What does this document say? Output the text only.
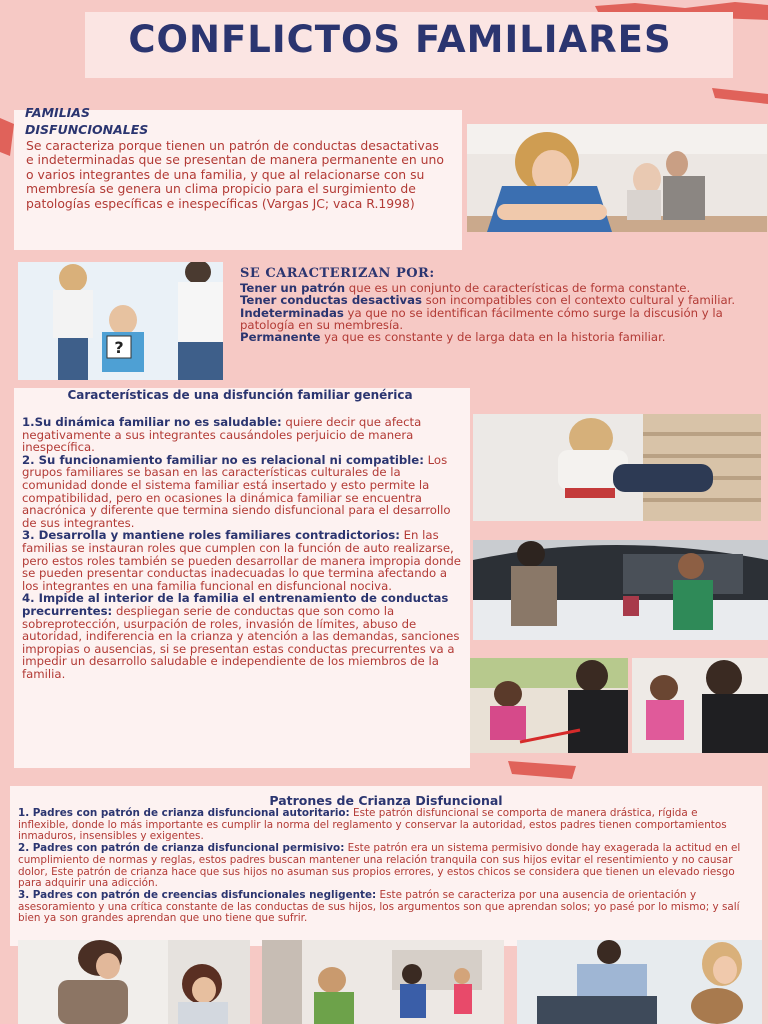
CONFLICTOS FAMILIARES
FAMILIAS DISFUNCIONALES
Se caracteriza porque tienen un patrón de conductas desactativas e indeterminadas que se presentan de manera permanente en uno o varios integrantes de una familia, y que al relacionarse con su membresía se genera un clima propicio para el surgimiento de patologías específicas e inespecíficas (Vargas JC; vaca R.1998)
?
SE CARACTERIZAN POR:
Tener un patrón que es un conjunto de características de forma constante.
Tener conductas desactivas son incompatibles con el contexto cultural y familiar.
Indeterminadas ya que no se identifican fácilmente cómo surge la discusión y la patología en su membresía.
Permanente ya que es constante y de larga data en la historia familiar.
Características de una disfunción familiar genérica
1.Su dinámica familiar no es saludable: quiere decir que afecta negativamente a sus integrantes causándoles perjuicio de manera inespecífica.
2. Su funcionamiento familiar no es relacional ni compatible: Los grupos familiares se basan en las características culturales de la comunidad donde el sistema familiar está insertado y esto permite la compatibilidad, pero en ocasiones la dinámica familiar se encuentra anacrónica y diferente que termina siendo disfuncional para el desarrollo de sus integrantes.
3. Desarrolla y mantiene roles familiares contradictorios: En las familias se instauran roles que cumplen con la función de auto realizarse, pero estos roles también se pueden desarrollar de manera impropia donde se pueden presentar conductas inadecuadas lo que termina afectando a los integrantes en una familia funcional en disfuncional nociva.
4. Impide al interior de la familia el entrenamiento de conductas precurrentes: despliegan serie de conductas que son como la sobreprotección, usurpación de roles, invasión de límites, abuso de autoridad, indiferencia en la crianza y atención a las demandas, sanciones impropias o ausencias, si se presentan estas conductas precurrentes va a impedir un desarrollo saludable e independiente de los miembros de la familia.
Patrones de Crianza Disfuncional
1. Padres con patrón de crianza disfuncional autoritario: Este patrón disfuncional se comporta de manera drástica, rígida e inflexible, donde lo más importante es cumplir la norma del reglamento y conservar la autoridad, estos padres tienen comportamientos inmaduros, insensibles y exigentes.
2. Padres con patrón de crianza disfuncional permisivo: Este patrón era un sistema permisivo donde hay exagerada la actitud en el cumplimiento de normas y reglas, estos padres buscan mantener una relación tranquila con sus hijos evitar el resentimiento y no causar dolor, Este patrón de crianza hace que sus hijos no asuman sus propios errores, y estos chicos se considera que tienen un elevado riesgo para adquirir una adicción.
3. Padres con patrón de creencias disfuncionales negligente: Este patrón se caracteriza por una ausencia de orientación y asesoramiento y una crítica constante de las conductas de sus hijos, los argumentos son que aprendan solos; yo pasé por lo mismo; y salí bien ya son grandes aprendan que uno tiene que sufrir.
